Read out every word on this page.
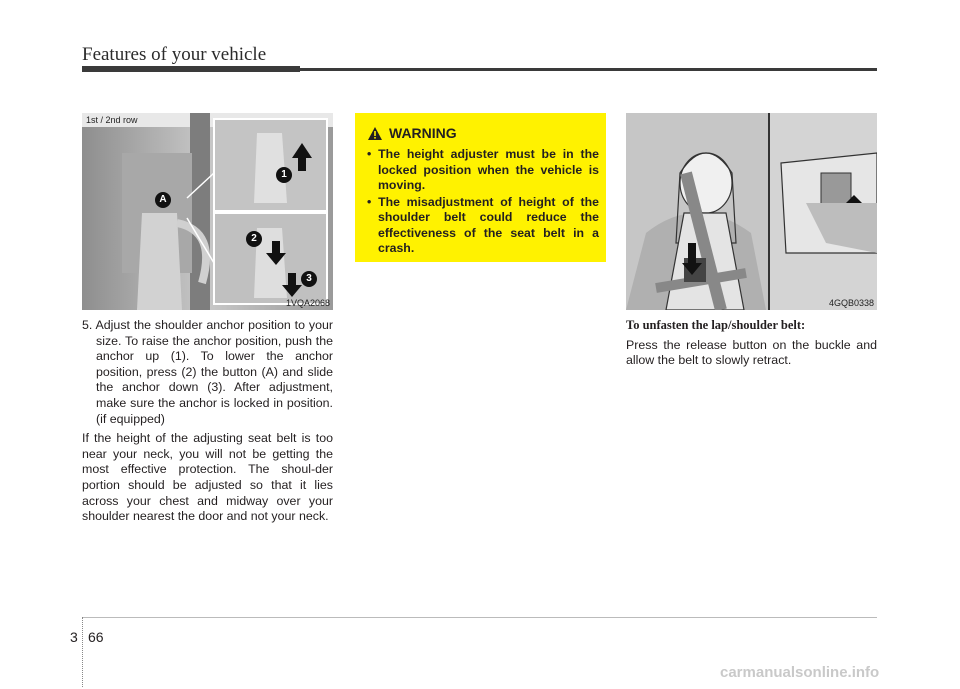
Features of your vehicle
1st / 2nd row
A
1
2
3
1VQA2068

5. Adjust the shoulder anchor position to your size. To raise the anchor position, push the anchor up (1). To lower the anchor position, press (2) the button (A) and slide the anchor down (3). After adjustment, make sure the anchor is locked in position. (if equipped)

If the height of the adjusting seat belt is too near your neck, you will not be getting the most effective protection. The shoul-der portion should be adjusted so that it lies across your chest and midway over your shoulder nearest the door and not your neck.

WARNING
• The height adjuster must be in the locked position when the vehicle is moving.
• The misadjustment of height of the shoulder belt could reduce the effectiveness of the seat belt in a crash.
4GQB0338

To unfasten the lap/shoulder belt:

Press the release button on the buckle and allow the belt to slowly retract.

3 66
carmanualsonline.info
